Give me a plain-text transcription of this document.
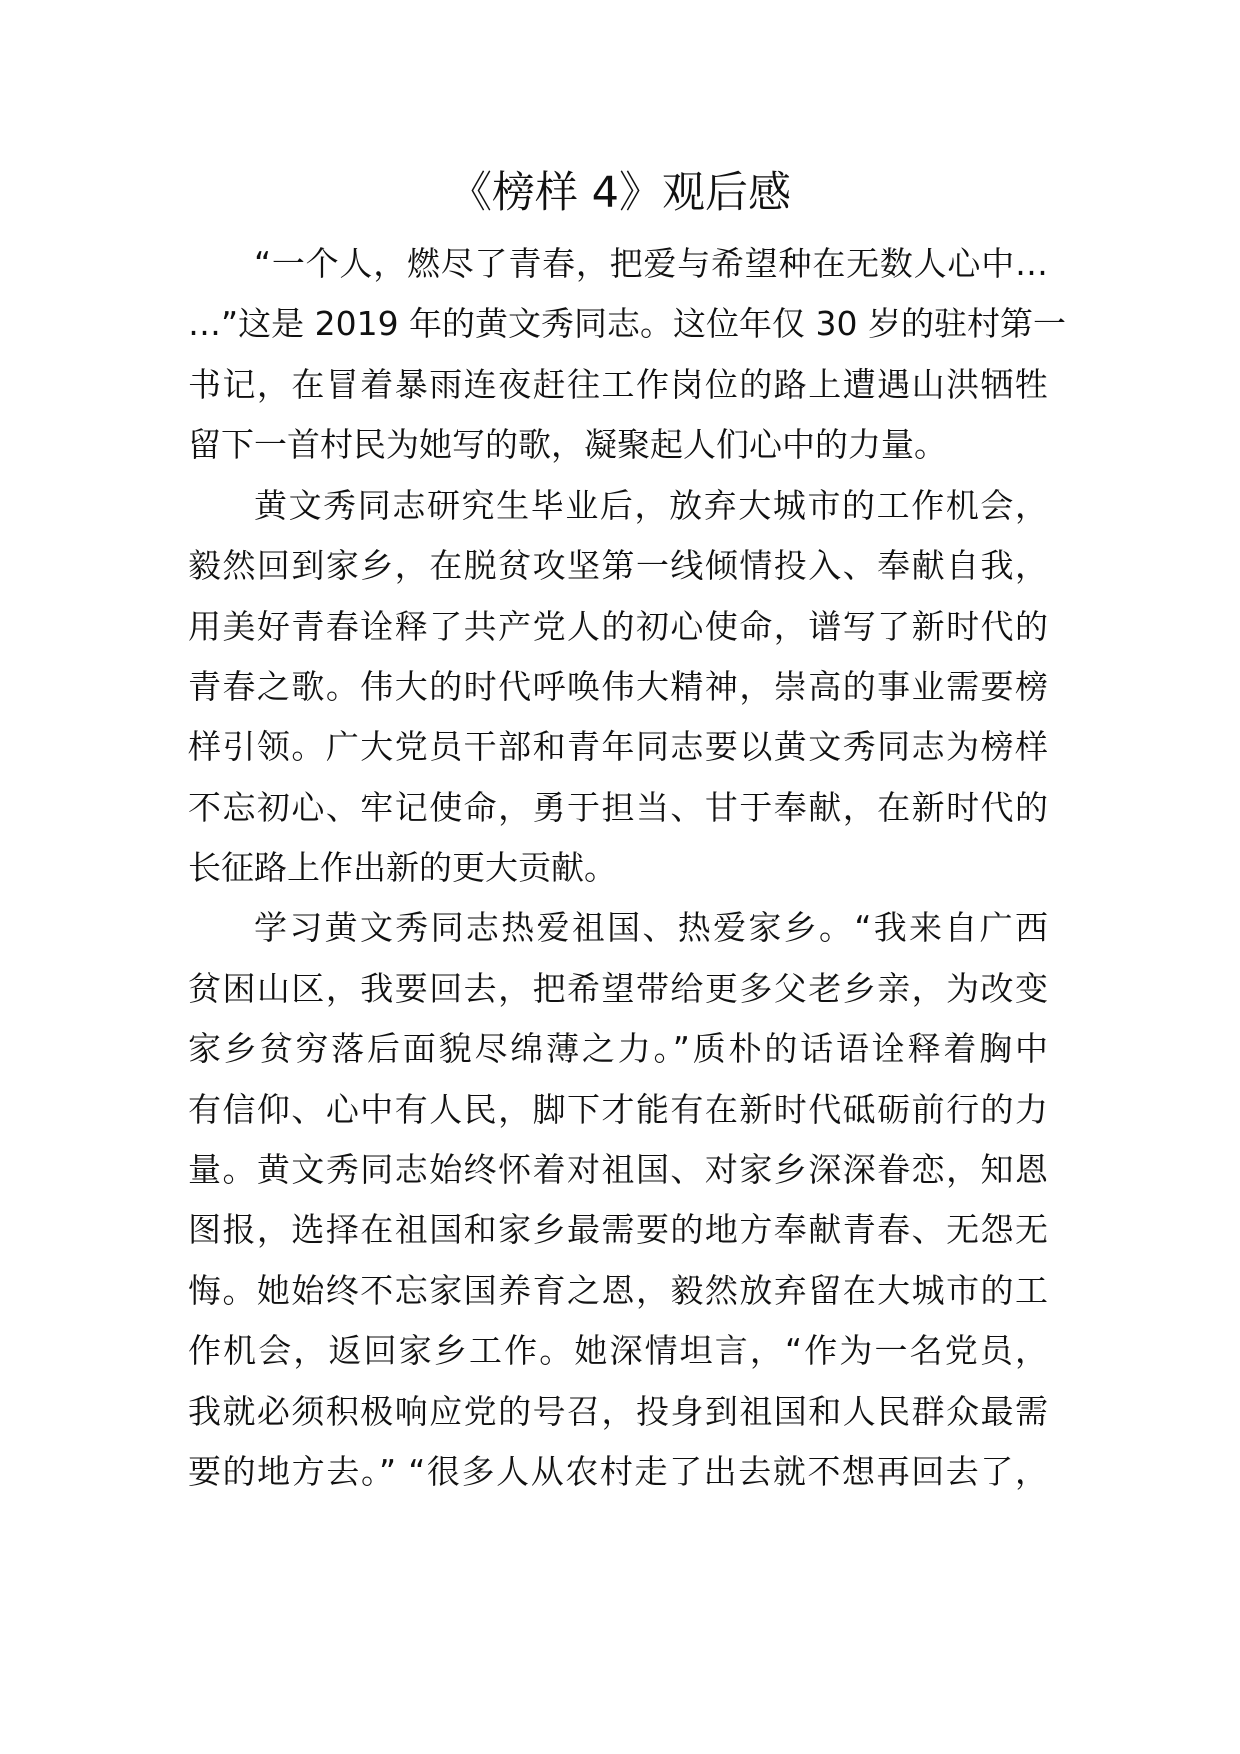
《榜样 4》观后感
“一个人，燃尽了青春，把爱与希望种在无数人心中…
…”这是 2019 年的黄文秀同志。这位年仅 30 岁的驻村第一
书记，在冒着暴雨连夜赶往工作岗位的路上遭遇山洪牺牲
留下一首村民为她写的歌，凝聚起人们心中的力量。
黄文秀同志研究生毕业后，放弃大城市的工作机会，
毅然回到家乡，在脱贫攻坚第一线倾情投入、奉献自我，
用美好青春诠释了共产党人的初心使命，谱写了新时代的
青春之歌。伟大的时代呼唤伟大精神，崇高的事业需要榜
样引领。广大党员干部和青年同志要以黄文秀同志为榜样
不忘初心、牢记使命，勇于担当、甘于奉献，在新时代的
长征路上作出新的更大贡献。
学习黄文秀同志热爱祖国、热爱家乡。“我来自广西
贫困山区，我要回去，把希望带给更多父老乡亲，为改变
家乡贫穷落后面貌尽绵薄之力。”质朴的话语诠释着胸中
有信仰、心中有人民，脚下才能有在新时代砥砺前行的力
量。黄文秀同志始终怀着对祖国、对家乡深深眷恋，知恩
图报，选择在祖国和家乡最需要的地方奉献青春、无怨无
悔。她始终不忘家国养育之恩，毅然放弃留在大城市的工
作机会，返回家乡工作。她深情坦言，“作为一名党员，
我就必须积极响应党的号召，投身到祖国和人民群众最需
要的地方去。” “很多人从农村走了出去就不想再回去了，
